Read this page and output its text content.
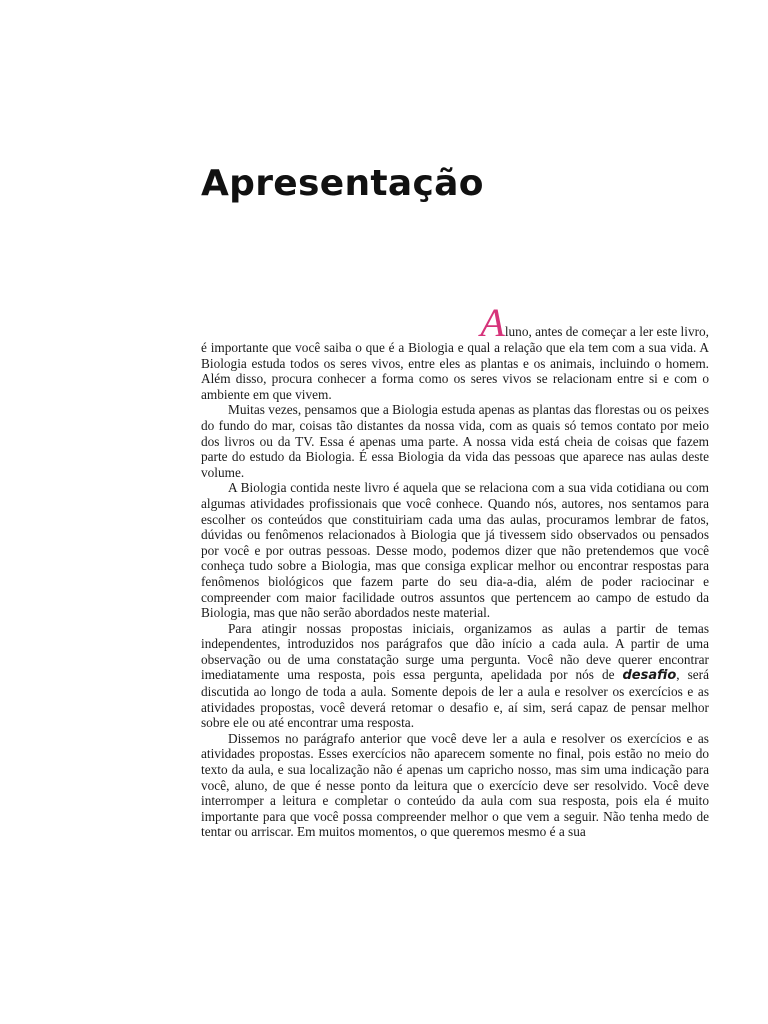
Apresentação

Aluno, antes de começar a ler este livro,
é importante que você saiba o que é a Biologia e qual a relação que ela tem com a sua vida. A Biologia estuda todos os seres vivos, entre eles as plantas e os animais, incluindo o homem. Além disso, procura conhecer a forma como os seres vivos se relacionam entre si e com o ambiente em que vivem.

Muitas vezes, pensamos que a Biologia estuda apenas as plantas das florestas ou os peixes do fundo do mar, coisas tão distantes da nossa vida, com as quais só temos contato por meio dos livros ou da TV. Essa é apenas uma parte. A nossa vida está cheia de coisas que fazem parte do estudo da Biologia. É essa Biologia da vida das pessoas que aparece nas aulas deste volume.

A Biologia contida neste livro é aquela que se relaciona com a sua vida cotidiana ou com algumas atividades profissionais que você conhece. Quando nós, autores, nos sentamos para escolher os conteúdos que constituiriam cada uma das aulas, procuramos lembrar de fatos, dúvidas ou fenômenos relacionados à Biologia que já tivessem sido observados ou pensados por você e por outras pessoas. Desse modo, podemos dizer que não pretendemos que você conheça tudo sobre a Biologia, mas que consiga explicar melhor ou encontrar respostas para fenômenos biológicos que fazem parte do seu dia-a-dia, além de poder raciocinar e compreender com maior facilidade outros assuntos que pertencem ao campo de estudo da Biologia, mas que não serão abordados neste material.

Para atingir nossas propostas iniciais, organizamos as aulas a partir de temas independentes, introduzidos nos parágrafos que dão início a cada aula. A partir de uma observação ou de uma constatação surge uma pergunta. Você não deve querer encontrar imediatamente uma resposta, pois essa pergunta, apelidada por nós de desafio, será discutida ao longo de toda a aula. Somente depois de ler a aula e resolver os exercícios e as atividades propostas, você deverá retomar o desafio e, aí sim, será capaz de pensar melhor sobre ele ou até encontrar uma resposta.

Dissemos no parágrafo anterior que você deve ler a aula e resolver os exercícios e as atividades propostas. Esses exercícios não aparecem somente no final, pois estão no meio do texto da aula, e sua localização não é apenas um capricho nosso, mas sim uma indicação para você, aluno, de que é nesse ponto da leitura que o exercício deve ser resolvido. Você deve interromper a leitura e completar o conteúdo da aula com sua resposta, pois ela é muito importante para que você possa compreender melhor o que vem a seguir. Não tenha medo de tentar ou arriscar. Em muitos momentos, o que queremos mesmo é a sua
